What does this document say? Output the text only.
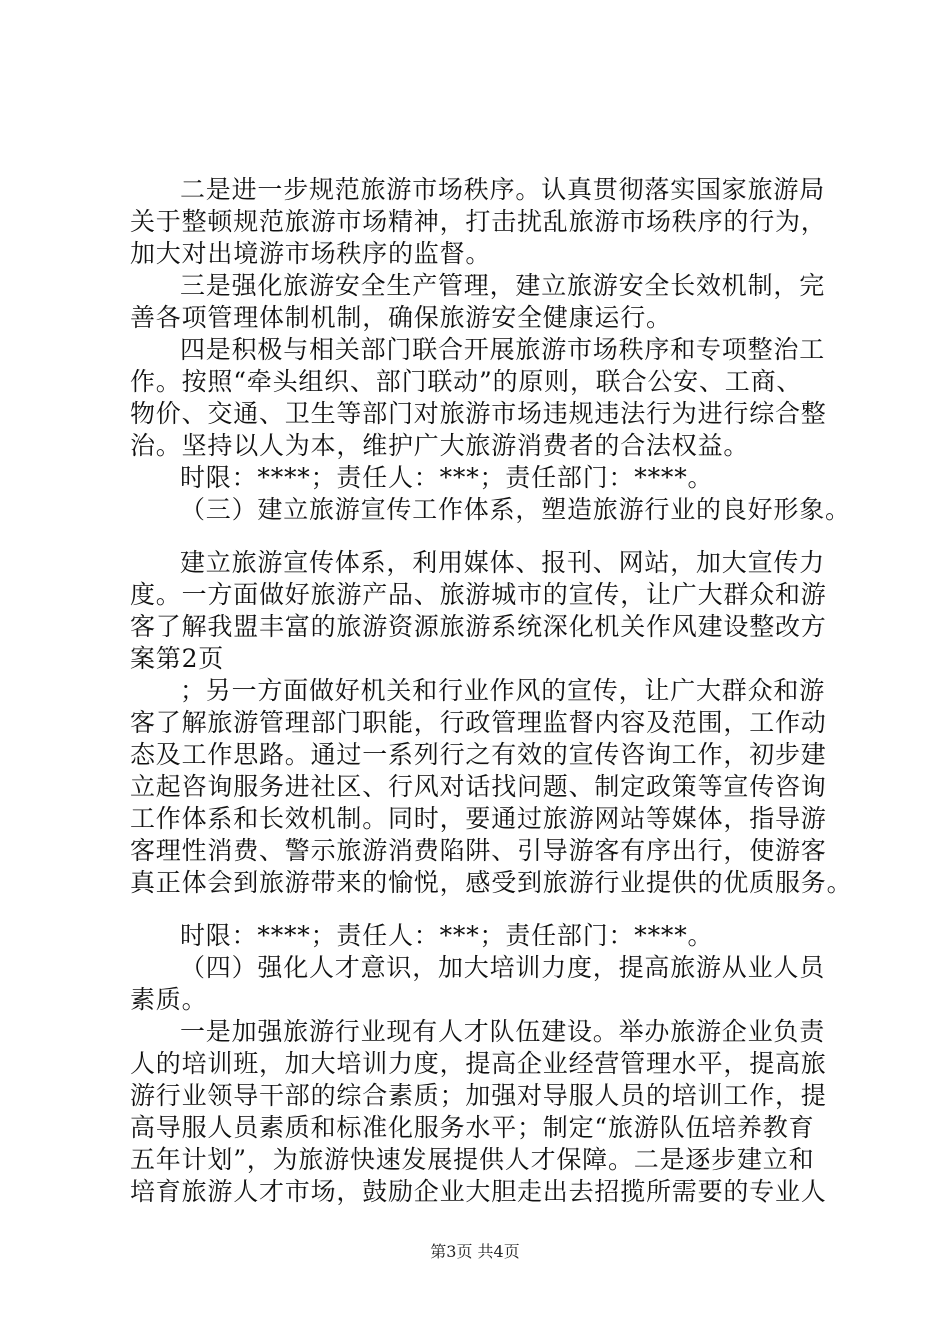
二是进一步规范旅游市场秩序。认真贯彻落实国家旅游局
关于整顿规范旅游市场精神，打击扰乱旅游市场秩序的行为，
加大对出境游市场秩序的监督。
三是强化旅游安全生产管理，建立旅游安全长效机制，完
善各项管理体制机制，确保旅游安全健康运行。
四是积极与相关部门联合开展旅游市场秩序和专项整治工
作。按照“牵头组织、部门联动”的原则，联合公安、工商、
物价、交通、卫生等部门对旅游市场违规违法行为进行综合整
治。坚持以人为本，维护广大旅游消费者的合法权益。
时限：****；责任人：***；责任部门：****。
（三）建立旅游宣传工作体系，塑造旅游行业的良好形象。
建立旅游宣传体系，利用媒体、报刊、网站，加大宣传力
度。一方面做好旅游产品、旅游城市的宣传，让广大群众和游
客了解我盟丰富的旅游资源旅游系统深化机关作风建设整改方
案第2页
；另一方面做好机关和行业作风的宣传，让广大群众和游
客了解旅游管理部门职能，行政管理监督内容及范围，工作动
态及工作思路。通过一系列行之有效的宣传咨询工作，初步建
立起咨询服务进社区、行风对话找问题、制定政策等宣传咨询
工作体系和长效机制。同时，要通过旅游网站等媒体，指导游
客理性消费、警示旅游消费陷阱、引导游客有序出行，使游客
真正体会到旅游带来的愉悦，感受到旅游行业提供的优质服务。
时限：****；责任人：***；责任部门：****。
（四）强化人才意识，加大培训力度，提高旅游从业人员
素质。
一是加强旅游行业现有人才队伍建设。举办旅游企业负责
人的培训班，加大培训力度，提高企业经营管理水平，提高旅
游行业领导干部的综合素质；加强对导服人员的培训工作，提
高导服人员素质和标准化服务水平；制定“旅游队伍培养教育
五年计划”，为旅游快速发展提供人才保障。二是逐步建立和
培育旅游人才市场，鼓励企业大胆走出去招揽所需要的专业人
第3页 共4页
